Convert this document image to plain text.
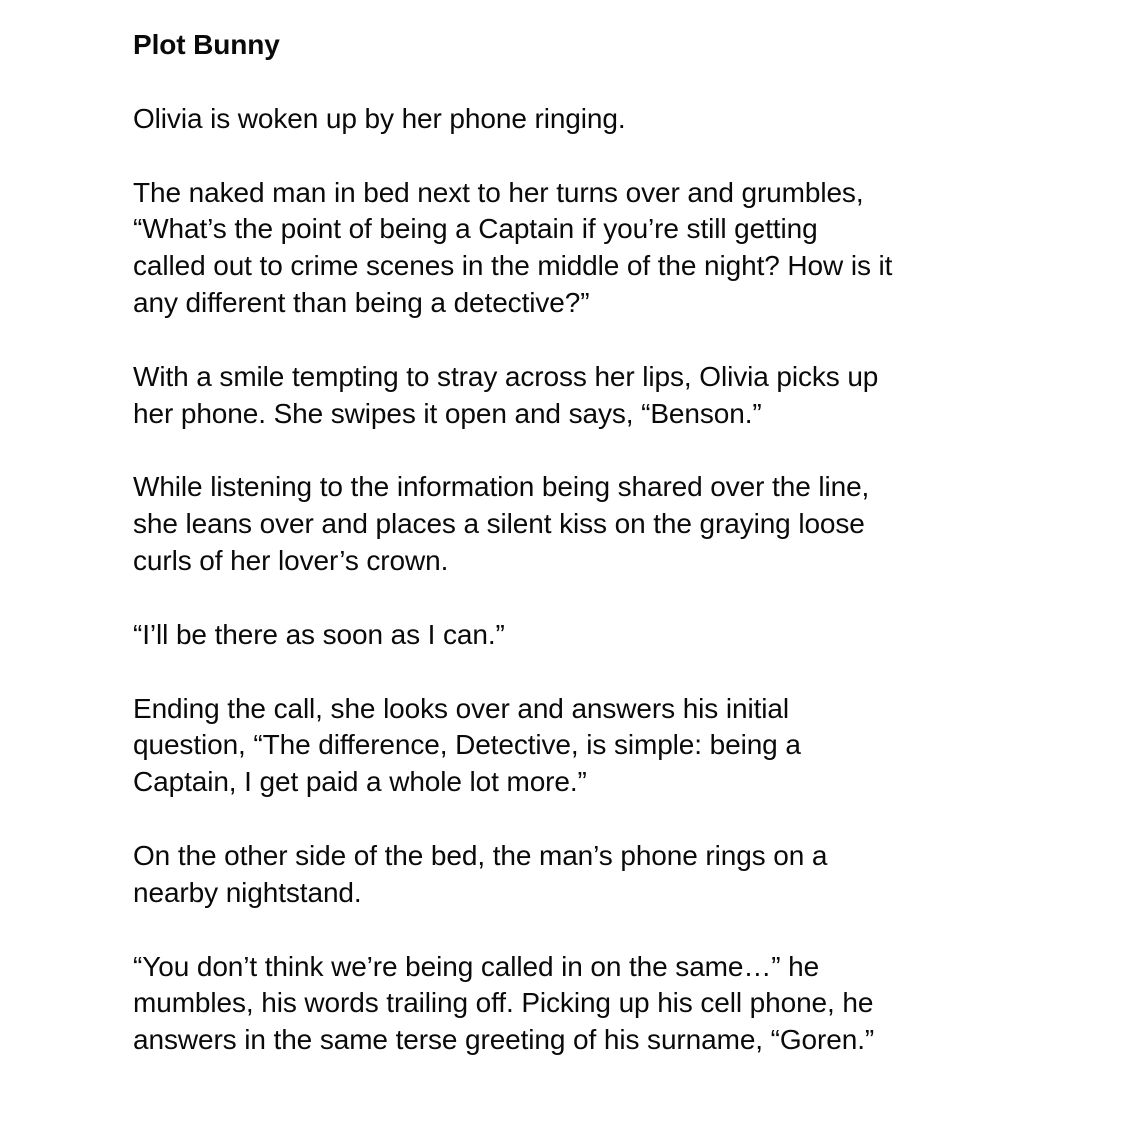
Plot Bunny
Olivia is woken up by her phone ringing.
The naked man in bed next to her turns over and grumbles,
“What’s the point of being a Captain if you’re still getting
called out to crime scenes in the middle of the night? How is it
any different than being a detective?”
With a smile tempting to stray across her lips, Olivia picks up
her phone. She swipes it open and says, “Benson.”
While listening to the information being shared over the line,
she leans over and places a silent kiss on the graying loose
curls of her lover’s crown.
“I’ll be there as soon as I can.”
Ending the call, she looks over and answers his initial
question, “The difference, Detective, is simple: being a
Captain, I get paid a whole lot more.”
On the other side of the bed, the man’s phone rings on a
nearby nightstand.
“You don’t think we’re being called in on the same…” he
mumbles, his words trailing off. Picking up his cell phone, he
answers in the same terse greeting of his surname, “Goren.”
